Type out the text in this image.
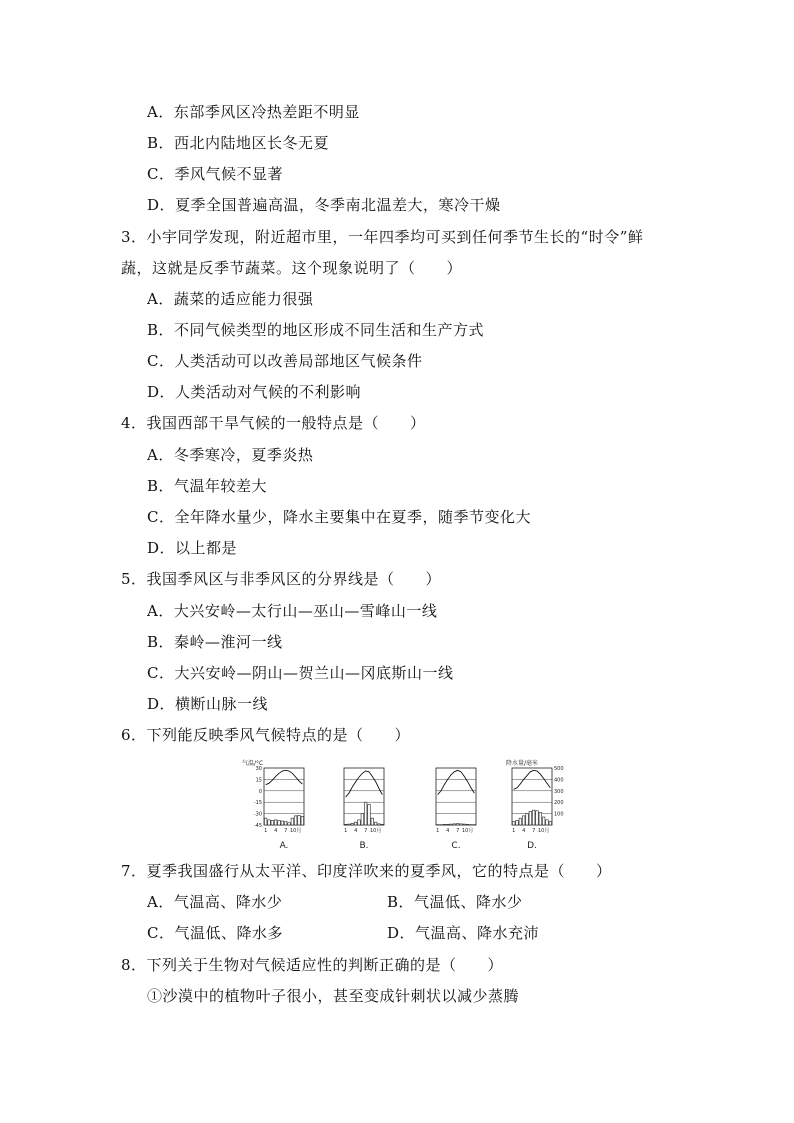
A．东部季风区冷热差距不明显
B．西北内陆地区长冬无夏
C．季风气候不显著
D．夏季全国普遍高温，冬季南北温差大，寒冷干燥
3．小宇同学发现，附近超市里，一年四季均可买到任何季节生长的“时令”鲜
蔬，这就是反季节蔬菜。这个现象说明了（　　）
A．蔬菜的适应能力很强
B．不同气候类型的地区形成不同生活和生产方式
C．人类活动可以改善局部地区气候条件
D．人类活动对气候的不利影响
4．我国西部干旱气候的一般特点是（　　）
A．冬季寒冷，夏季炎热
B．气温年较差大
C．全年降水量少，降水主要集中在夏季，随季节变化大
D．以上都是
5．我国季风区与非季风区的分界线是（　　）
A．大兴安岭—太行山—巫山—雪峰山一线
B．秦岭—淮河一线
C．大兴安岭—阴山—贺兰山—冈底斯山一线
D．横断山脉一线
6．下列能反映季风气候特点的是（　　）
气温/°C	降水量/毫米
1 4 7 10月
A.
1 4 7 10月
B.
1 4 7 10月
C.
1 4 7 10月
D.
30
15
0
-15
-30
-45
500
400
300
200
100
7．夏季我国盛行从太平洋、印度洋吹来的夏季风，它的特点是（　　）
A．气温高、降水少	B．气温低、降水少
C．气温低、降水多	D．气温高、降水充沛
8．下列关于生物对气候适应性的判断正确的是（　　）
①沙漠中的植物叶子很小，甚至变成针刺状以减少蒸腾
